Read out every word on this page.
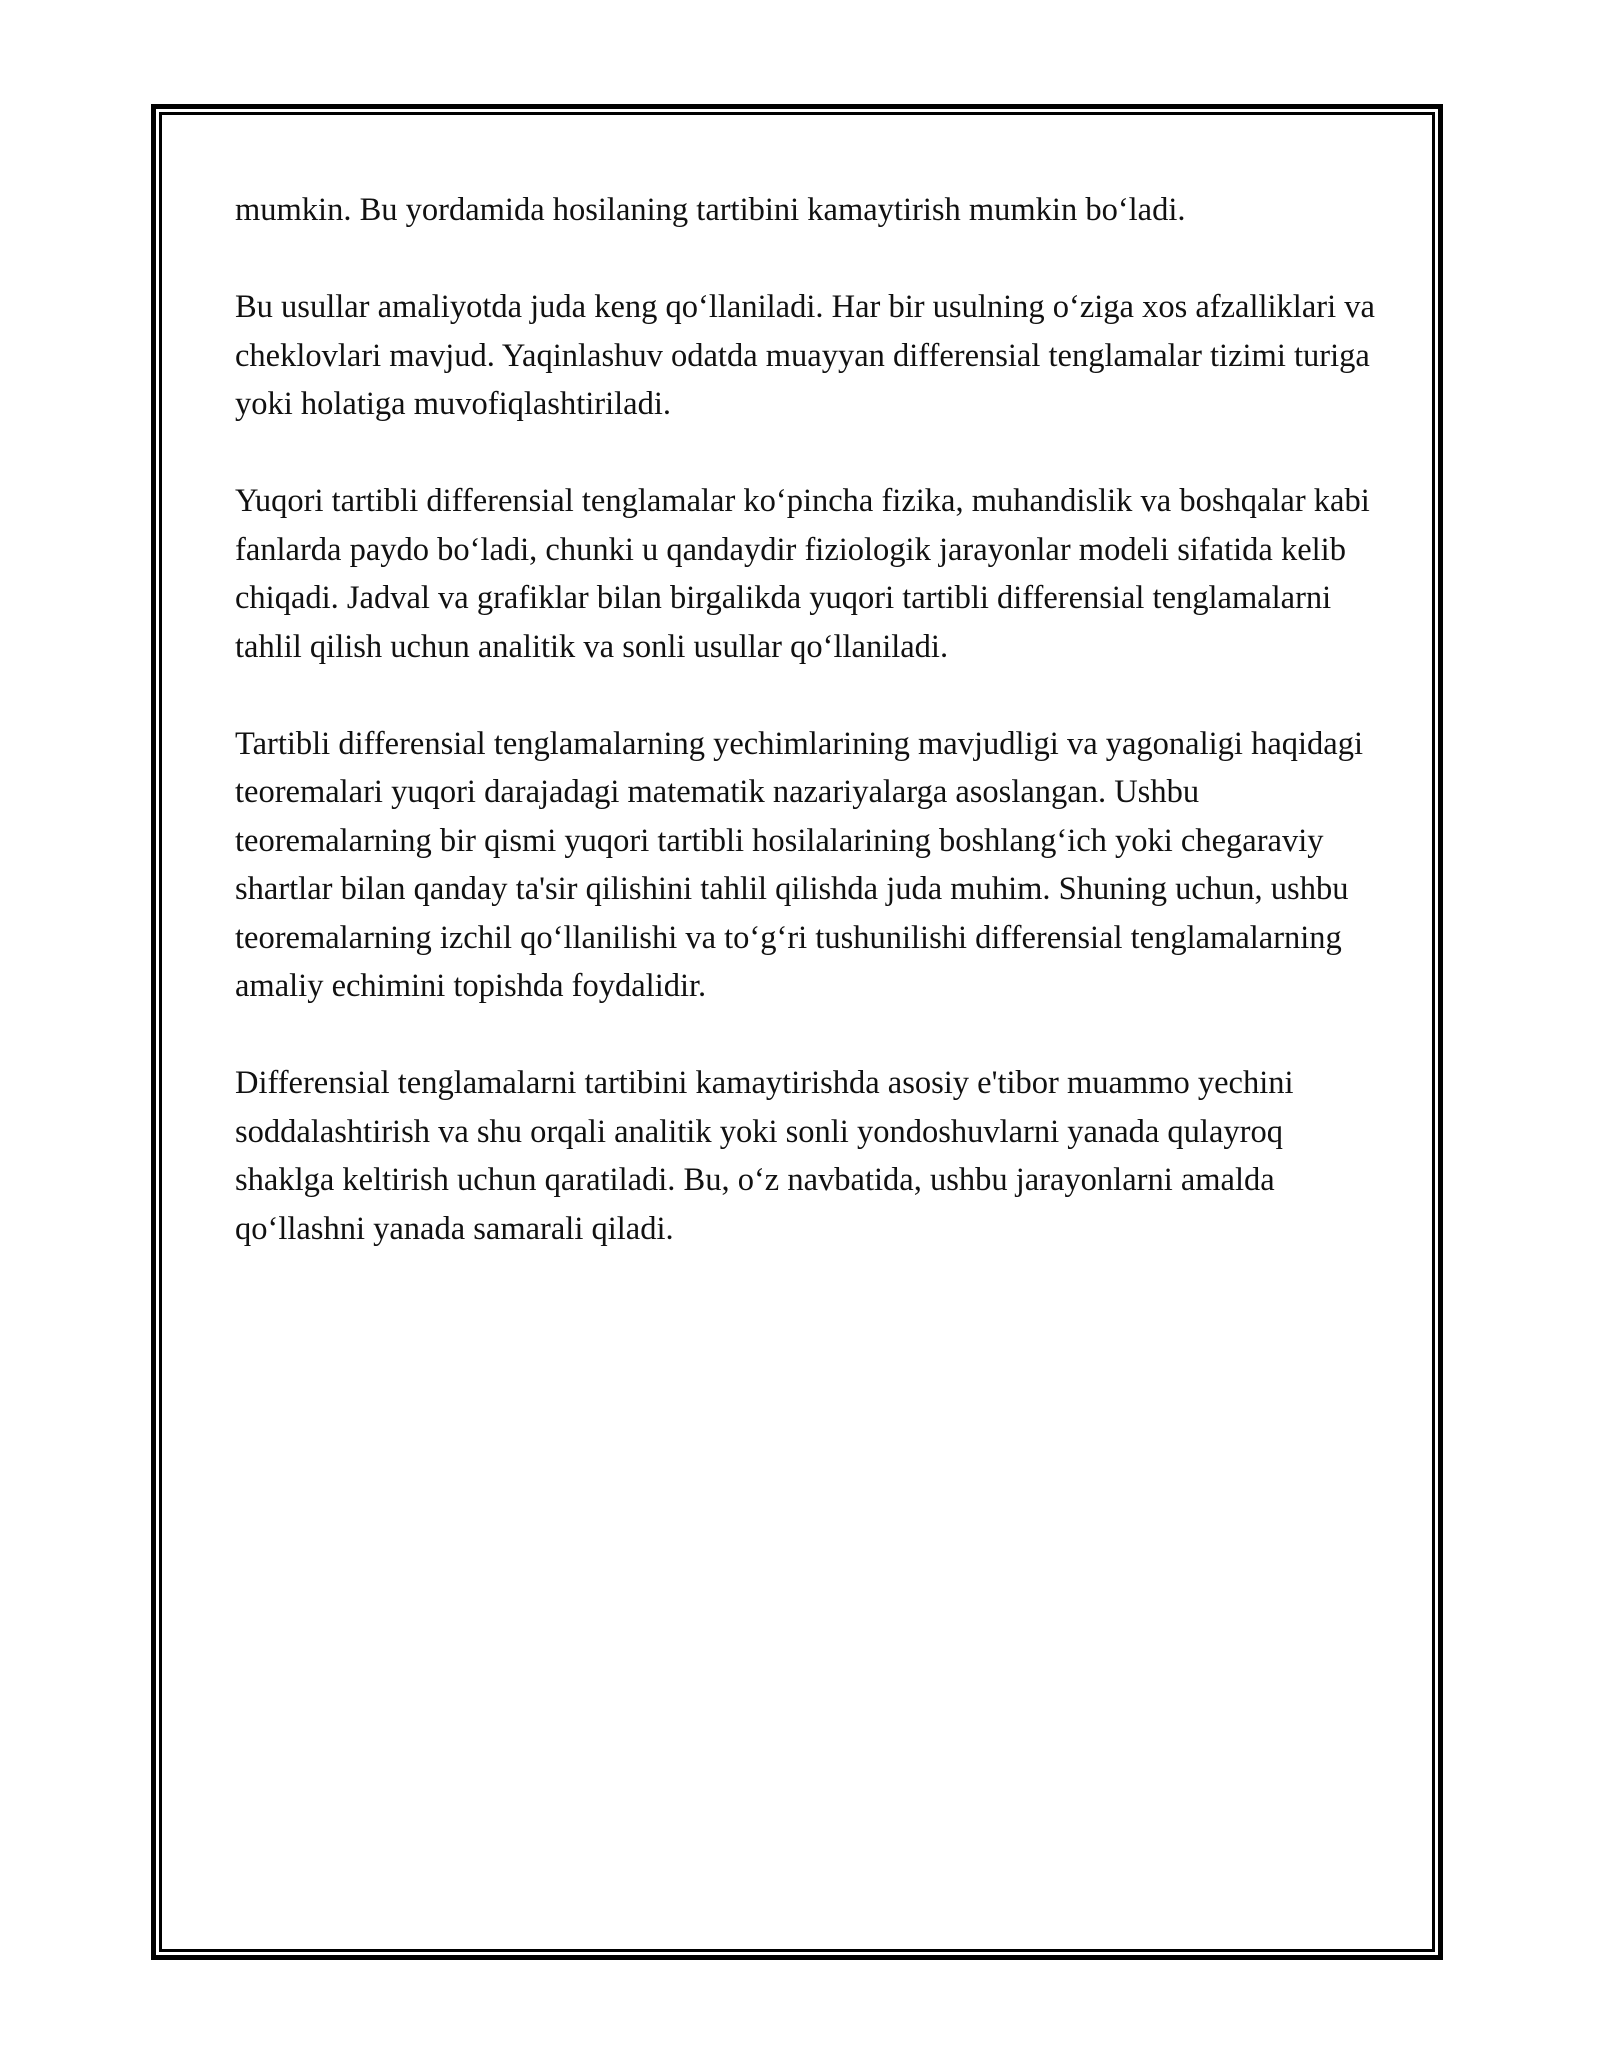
mumkin. Bu yordamida hosilaning tartibini kamaytirish mumkin bo‘ladi.

Bu usullar amaliyotda juda keng qo‘llaniladi. Har bir usulning o‘ziga xos afzalliklari va cheklovlari mavjud. Yaqinlashuv odatda muayyan differensial tenglamalar tizimi turiga yoki holatiga muvofiqlashtiriladi.

Yuqori tartibli differensial tenglamalar ko‘pincha fizika, muhandislik va boshqalar kabi fanlarda paydo bo‘ladi, chunki u qandaydir fiziologik jarayonlar modeli sifatida kelib chiqadi. Jadval va grafiklar bilan birgalikda yuqori tartibli differensial tenglamalarni tahlil qilish uchun analitik va sonli usullar qo‘llaniladi.

Tartibli differensial tenglamalarning yechimlarining mavjudligi va yagonaligi haqidagi teoremalari yuqori darajadagi matematik nazariyalarga asoslangan. Ushbu teoremalarning bir qismi yuqori tartibli hosilalarining boshlang‘ich yoki chegaraviy shartlar bilan qanday ta'sir qilishini tahlil qilishda juda muhim. Shuning uchun, ushbu teoremalarning izchil qo‘llanilishi va to‘g‘ri tushunilishi differensial tenglamalarning amaliy echimini topishda foydalidir.

Differensial tenglamalarni tartibini kamaytirishda asosiy e'tibor muammo yechini soddalashtirish va shu orqali analitik yoki sonli yondoshuvlarni yanada qulayroq shaklga keltirish uchun qaratiladi. Bu, o‘z navbatida, ushbu jarayonlarni amalda qo‘llashni yanada samarali qiladi.
